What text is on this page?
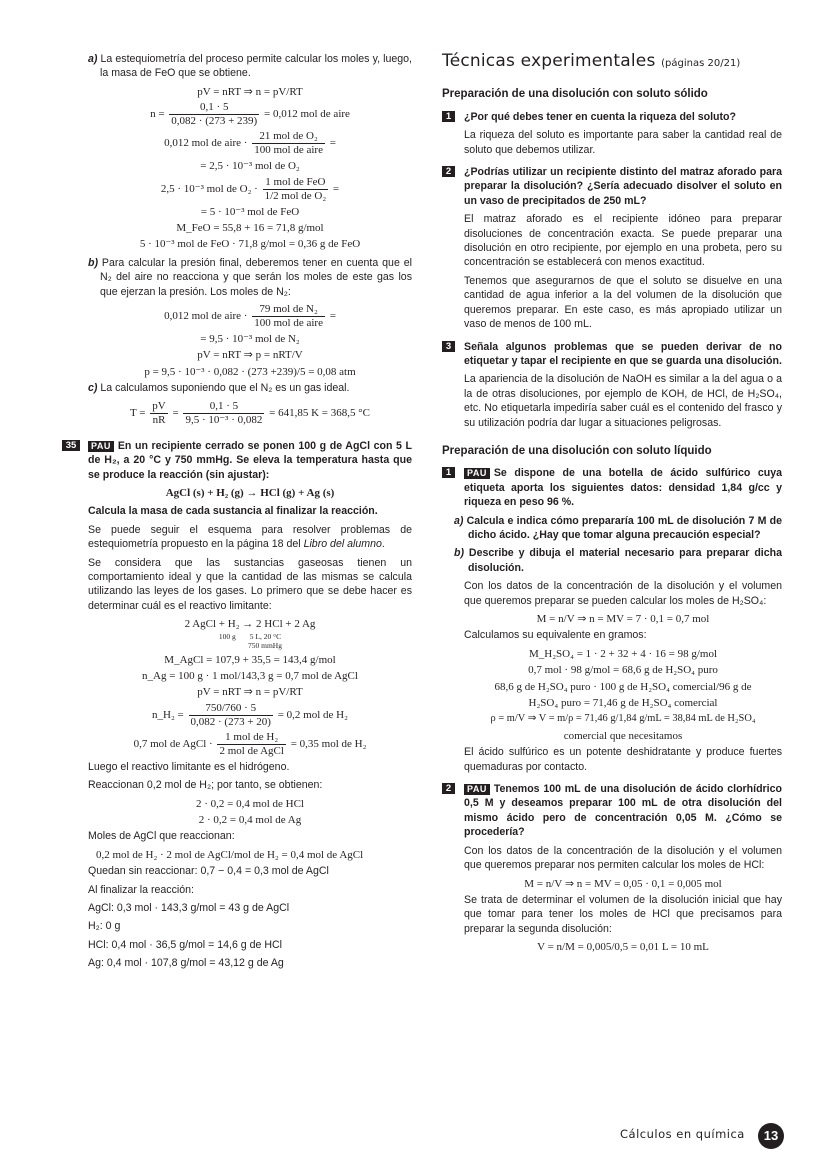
a) La estequiometría del proceso permite calcular los moles y, luego, la masa de FeO que se obtiene.

pV = nRT ⇒ n = pV/RT
$n = \frac{0,1 \cdot 5}{0,082 \cdot (273 + 239)} = 0,012$ mol de aire
0,012 mol de aire · $\frac{\text{21 mol de O₂}}{\text{100 mol de aire}}$ =
= 2,5 · 10⁻³ mol de O₂
2,5 · 10⁻³ mol de $O_2 \cdot \frac{\text{1 mol de FeO}}{\text{1/2 mol de O₂}}$ =
= 5 · 10⁻³ mol de FeO
M_FeO = 55,8 + 16 = 71,8 g/mol
5 · 10⁻³ mol de FeO · 71,8 g/mol = 0,36 g de FeO

b) Para calcular la presión final, deberemos tener en cuenta que el N₂ del aire no reacciona y que serán los moles de este gas los que ejerzan la presión. Los moles de N₂:

0,012 mol de aire · $\frac{\text{79 mol de N₂}}{\text{100 mol de aire}}$ =
= 9,5 · 10⁻³ mol de N₂
pV = nRT ⇒ p = nRT/V
p = 9,5 · 10⁻³ · 0,082 · (273 +239)/5 = 0,08 atm

c) La calculamos suponiendo que el N₂ es un gas ideal.

$T = \frac{pV}{nR} = \frac{0,1 \cdot 5}{\text{9,5 · 10⁻³ · 0,082}} = 641,85$ K = 368,5 °C
35	PAU En un recipiente cerrado se ponen 100 g de AgCl con 5 L de H₂, a 20 °C y 750 mmHg. Se eleva la temperatura hasta que se produce la reacción (sin ajustar):
AgCl (s) + H₂ (g) → HCl (g) + Ag (s)

Calcula la masa de cada sustancia al finalizar la reacción.

Se puede seguir el esquema para resolver problemas de estequiometría propuesto en la página 18 del Libro del alumno.

Se considera que las sustancias gaseosas tienen un comportamiento ideal y que la cantidad de las mismas se calcula utilizando las leyes de los gases. Lo primero que se debe hacer es determinar cuál es el reactivo limitante:

2 AgCl + H₂ → 2 HCl + 2 Ag
100 g 5 L, 20 °C
750 mmHg
M_AgCl = 107,9 + 35,5 = 143,4 g/mol
n_Ag = 100 g · 1 mol/143,3 g = 0,7 mol de AgCl
pV = nRT ⇒ n = pV/RT
n_H₂ = $\frac{750/760 \cdot 5}{0,082 \cdot (273 + 20)} = 0,2$ mol de H₂
0,7 mol de AgCl · $\frac{\text{1 mol de H₂}}{\text{2 mol de AgCl}} = 0,35$ mol de H₂

Luego el reactivo limitante es el hidrógeno.

Reaccionan 0,2 mol de H₂; por tanto, se obtienen:

2 · 0,2 = 0,4 mol de HCl
2 · 0,2 = 0,4 mol de Ag

Moles de AgCl que reaccionan:

0,2 mol de H₂ · 2 mol de AgCl/mol de H₂ = 0,4 mol de AgCl

Quedan sin reaccionar: 0,7 − 0,4 = 0,3 mol de AgCl

Al finalizar la reacción:

AgCl: 0,3 mol · 143,3 g/mol = 43 g de AgCl

H₂: 0 g

HCl: 0,4 mol · 36,5 g/mol = 14,6 g de HCl

Ag: 0,4 mol · 107,8 g/mol = 43,12 g de Ag

Técnicas experimentales (páginas 20/21)
Preparación de una disolución con soluto sólido
1	¿Por qué debes tener en cuenta la riqueza del soluto?

La riqueza del soluto es importante para saber la cantidad real de soluto que debemos utilizar.

2	¿Podrías utilizar un recipiente distinto del matraz aforado para preparar la disolución? ¿Sería adecuado disolver el soluto en un vaso de precipitados de 250 mL?

El matraz aforado es el recipiente idóneo para preparar disoluciones de concentración exacta. Se puede preparar una disolución en otro recipiente, por ejemplo en una probeta, pero su concentración se establecerá con menos exactitud.

Tenemos que asegurarnos de que el soluto se disuelve en una cantidad de agua inferior a la del volumen de la disolución que queremos preparar. En este caso, es más apropiado utilizar un vaso de menos de 100 mL.

3	Señala algunos problemas que se pueden derivar de no etiquetar y tapar el recipiente en que se guarda una disolución.

La apariencia de la disolución de NaOH es similar a la del agua o a la de otras disoluciones, por ejemplo de KOH, de HCl, de H₂SO₄, etc. No etiquetarla impediría saber cuál es el contenido del frasco y su utilización podría dar lugar a situaciones peligrosas.

Preparación de una disolución con soluto líquido
1	PAU Se dispone de una botella de ácido sulfúrico cuya etiqueta aporta los siguientes datos: densidad 1,84 g/cc y riqueza en peso 96 %.

a) Calcula e indica cómo prepararía 100 mL de disolución 7 M de dicho ácido. ¿Hay que tomar alguna precaución especial?

b) Describe y dibuja el material necesario para preparar dicha disolución.

Con los datos de la concentración de la disolución y el volumen que queremos preparar se pueden calcular los moles de H₂SO₄:

M = n/V ⇒ n = MV = 7 · 0,1 = 0,7 mol

Calculamos su equivalente en gramos:

M_H₂SO₄ = 1 · 2 + 32 + 4 · 16 = 98 g/mol
0,7 mol · 98 g/mol = 68,6 g de H₂SO₄ puro
68,6 g de H₂SO₄ puro · 100 g de H₂SO₄ comercial/96 g de
H₂SO₄ puro = 71,46 g de H₂SO₄ comercial
ρ = m/V ⇒ V = m/ρ = 71,46 g/1,84 g/mL = 38,84 mL de H₂SO₄
comercial que necesitamos

El ácido sulfúrico es un potente deshidratante y produce fuertes quemaduras por contacto.

2	PAU Tenemos 100 mL de una disolución de ácido clorhídrico 0,5 M y deseamos preparar 100 mL de otra disolución del mismo ácido pero de concentración 0,05 M. ¿Cómo se procedería?

Con los datos de la concentración de la disolución y el volumen que queremos preparar nos permiten calcular los moles de HCl:

M = n/V ⇒ n = MV = 0,05 · 0,1 = 0,005 mol

Se trata de determinar el volumen de la disolución inicial que hay que tomar para tener los moles de HCl que precisamos para preparar la segunda disolución:

V = n/M = 0,005/0,5 = 0,01 L = 10 mL
Cálculos en química	13
